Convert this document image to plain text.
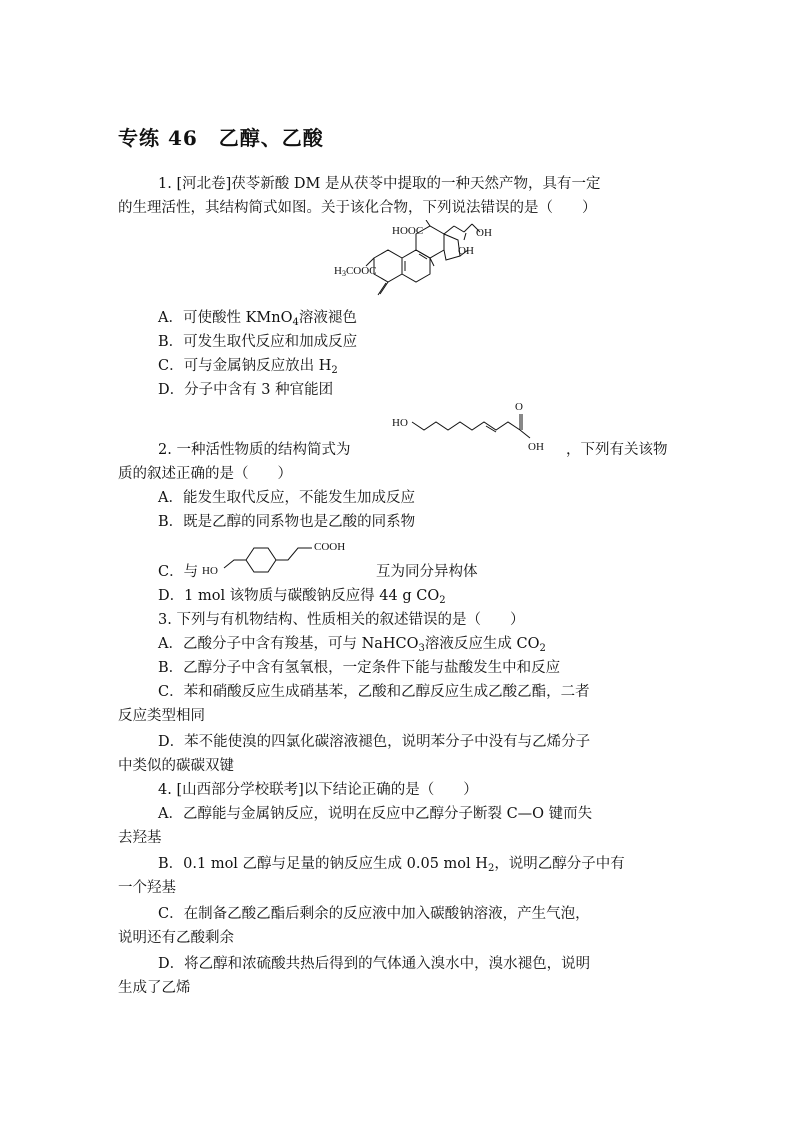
专练 46　乙醇、乙酸
1. [河北卷]茯苓新酸 DM 是从茯苓中提取的一种天然产物，具有一定
的生理活性，其结构简式如图。关于该化合物，下列说法错误的是（　　）
HOOC	OH
OH
H3COOC
A．可使酸性 KMnO$_4$溶液褪色
B．可发生取代反应和加成反应
C．可与金属钠反应放出 $H_2$
D．分子中含有 3 种官能团
HO
O
OH
2. 一种活性物质的结构简式为	，下列有关该物
质的叙述正确的是（　　）
A．能发生取代反应，不能发生加成反应
B．既是乙醇的同系物也是乙酸的同系物
HO
COOH
C．与	互为同分异构体
D．1 mol 该物质与碳酸钠反应得 44 g $CO_2$
3. 下列与有机物结构、性质相关的叙述错误的是（　　）
A．乙酸分子中含有羧基，可与 NaHCO$_3$溶液反应生成 $CO_2$
B．乙醇分子中含有氢氧根，一定条件下能与盐酸发生中和反应
C．苯和硝酸反应生成硝基苯，乙酸和乙醇反应生成乙酸乙酯，二者
反应类型相同
D．苯不能使溴的四氯化碳溶液褪色，说明苯分子中没有与乙烯分子
中类似的碳碳双键
4. [山西部分学校联考]以下结论正确的是（　　）
A．乙醇能与金属钠反应，说明在反应中乙醇分子断裂 C—O 键而失
去羟基
B．0.1 mol 乙醇与足量的钠反应生成 0.05 mol $H_2$，说明乙醇分子中有
一个羟基
C．在制备乙酸乙酯后剩余的反应液中加入碳酸钠溶液，产生气泡，
说明还有乙酸剩余
D．将乙醇和浓硫酸共热后得到的气体通入溴水中，溴水褪色，说明
生成了乙烯
